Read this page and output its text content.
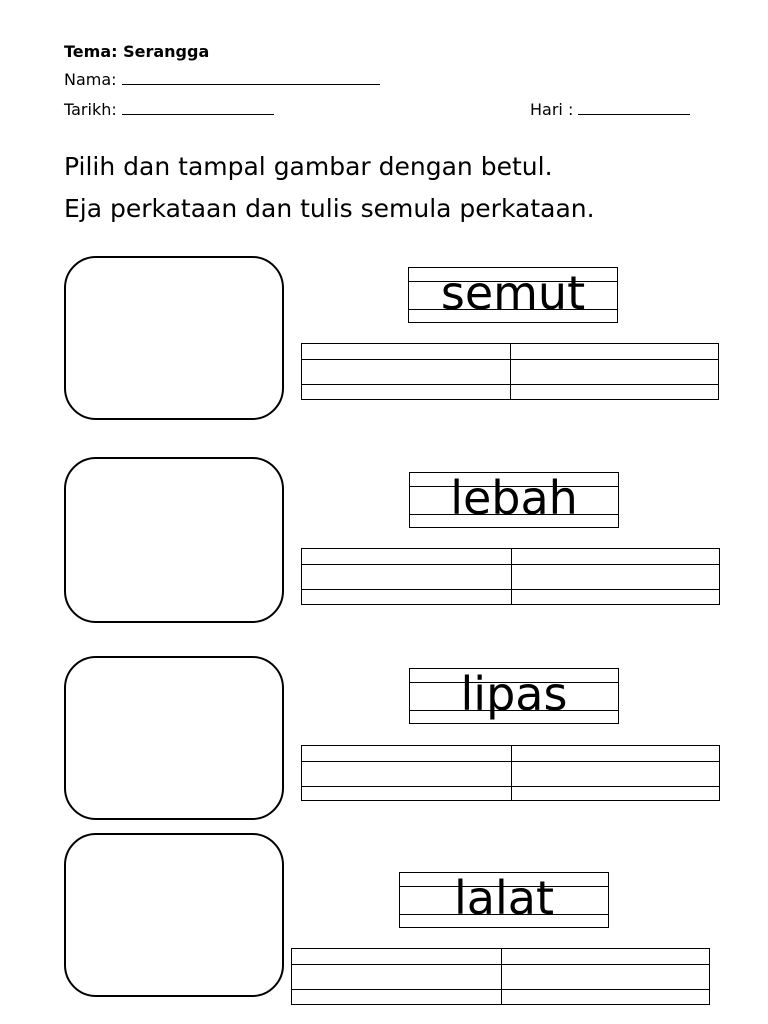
Tema: Serangga
Nama:
Tarikh:	Hari :
Pilih dan tampal gambar dengan betul.
Eja perkataan dan tulis semula perkataan.
semut
lebah
lipas
lalat
